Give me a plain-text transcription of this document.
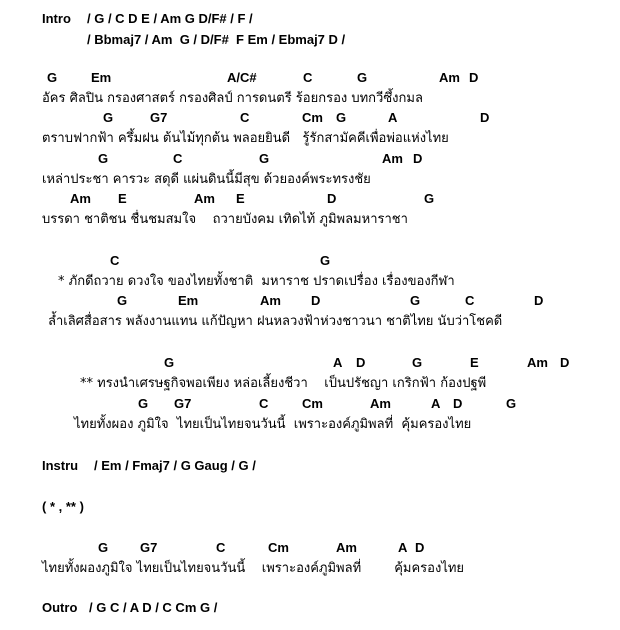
Intro / G / C D E / Am G D/F# / F /
/ Bbmaj7 / Am  G / D/F#  F Em / Ebmaj7 D /
G	Em	A/C#	C	G	Am D
อัคร ศิลปิน กรองศาสตร์ กรองศิลป์ การดนตรี ร้อยกรอง บทกวีซึ้งกมล
G	G7	C	Cm G	A	D
ตราบฟากฟ้า ครึ้มฝน ต้นไม้ทุกต้น พลอยยินดี   รู้รักสามัคคีเพื่อพ่อแห่งไทย
G	C	G	Am D
เหล่าประชา คารวะ สดุดี แผ่นดินนี้มีสุข ด้วยองค์พระทรงชัย
Am E	Am E	D	G
บรรดา ชาติชน ชื่นชมสมใจ    ถวายบังคม เทิดไท้ ภูมิพลมหาราชา
C	G
* ภักดีถวาย ดวงใจ ของไทยทั้งชาติ  มหาราช ปราดเปรื่อง เรื่องของกีฬา
G	Em	Am D	G	C	D
ล้ำเลิศสื่อสาร พลังงานแทน แก้ปัญหา ฝนหลวงฟ้าห่วงชาวนา ชาติไทย นับว่าโชคดี
G	A D	G	E	Am D
** ทรงนำเศรษฐกิจพอเพียง หล่อเลี้ยงชีวา    เป็นปรัชญา เกริกฟ้า ก้องปฐพี
G G7	C	Cm	Am	A D	G
ไทยทั้งผอง ภูมิใจ  ไทยเป็นไทยจนวันนี้  เพราะองค์ภูมิพลที่  คุ้มครองไทย
Instru / Em / Fmaj7 / G Gaug / G /
( * , ** )
G G7	C	Cm	Am	A D
ไทยทั้งผองภูมิใจ ไทยเป็นไทยจนวันนี้    เพราะองค์ภูมิพลที่        คุ้มครองไทย
Outro / G C / A D / C Cm G /
